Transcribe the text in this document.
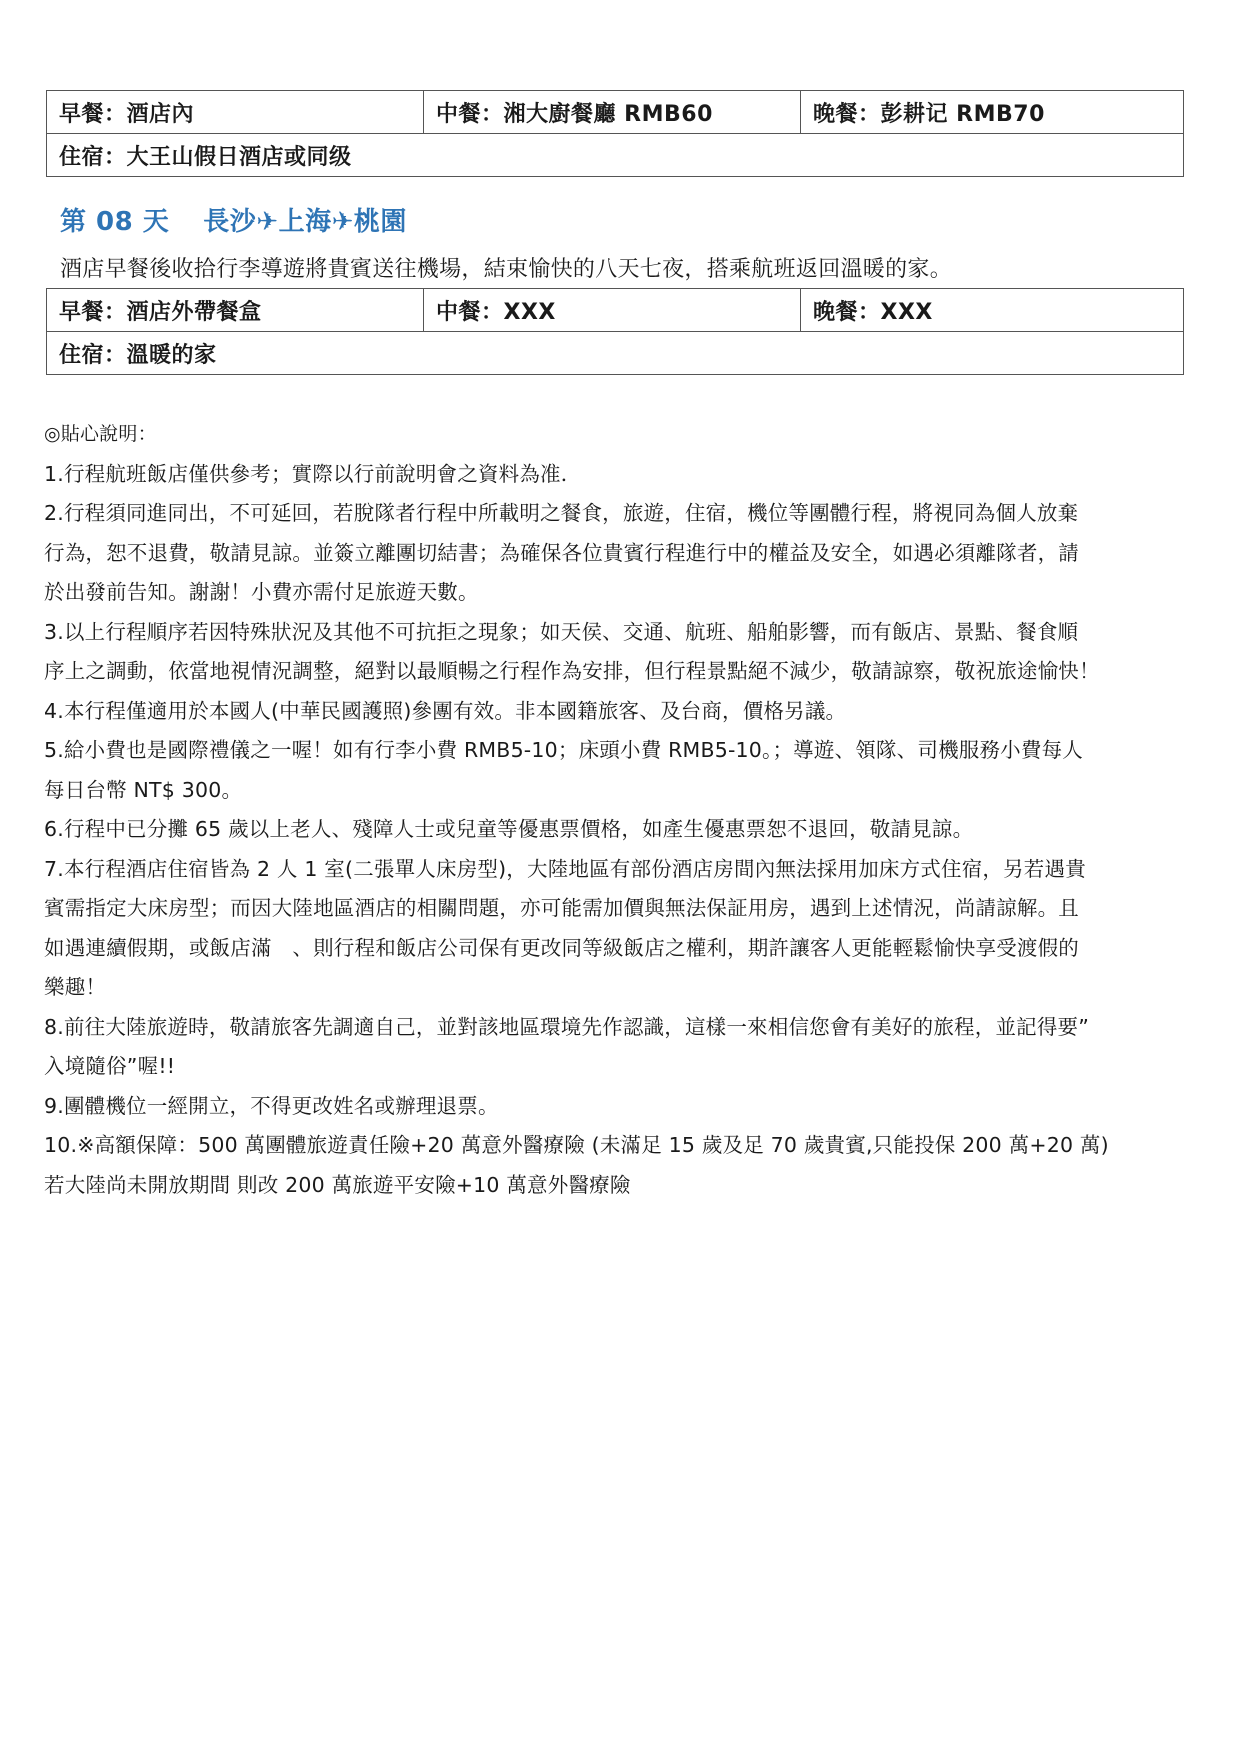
早餐：酒店內	中餐：湘大廚餐廳 RMB60	晚餐：彭耕记 RMB70
住宿：大王山假日酒店或同级
第 08 天 長沙✈上海✈桃園

酒店早餐後收拾行李導遊將貴賓送往機場，結束愉快的八天七夜，搭乘航班返回溫暖的家。

早餐：酒店外帶餐盒	中餐：XXX	晚餐：XXX
住宿：溫暖的家

◎貼心說明：

1.行程航班飯店僅供參考；實際以行前說明會之資料為准．

2.行程須同進同出，不可延回，若脫隊者行程中所載明之餐食，旅遊，住宿，機位等團體行程，將視同為個人放棄

行為，恕不退費，敬請見諒。並簽立離團切結書；為確保各位貴賓行程進行中的權益及安全，如遇必須離隊者，請

於出發前告知。謝謝！小費亦需付足旅遊天數。

3.以上行程順序若因特殊狀況及其他不可抗拒之現象；如天侯、交通、航班、船舶影響，而有飯店、景點、餐食順

序上之調動，依當地視情況調整，絕對以最順暢之行程作為安排，但行程景點絕不減少，敬請諒察，敬祝旅途愉快！

4.本行程僅適用於本國人(中華民國護照)參團有效。非本國籍旅客、及台商，價格另議。

5.給小費也是國際禮儀之一喔！如有行李小費 RMB5-10；床頭小費 RMB5-10。；導遊、領隊、司機服務小費每人

每日台幣 NT$ 300。

6.行程中已分攤 65 歲以上老人、殘障人士或兒童等優惠票價格，如產生優惠票恕不退回，敬請見諒。

7.本行程酒店住宿皆為 2 人 1 室(二張單人床房型)，大陸地區有部份酒店房間內無法採用加床方式住宿，另若遇貴

賓需指定大床房型；而因大陸地區酒店的相關問題，亦可能需加價與無法保証用房，遇到上述情況，尚請諒解。且

如遇連續假期，或飯店滿　、則行程和飯店公司保有更改同等級飯店之權利，期許讓客人更能輕鬆愉快享受渡假的

樂趣！

8.前往大陸旅遊時，敬請旅客先調適自己，並對該地區環境先作認識，這樣一來相信您會有美好的旅程，並記得要”

入境隨俗”喔!!

9.團體機位一經開立，不得更改姓名或辦理退票。

10.※高額保障：500 萬團體旅遊責任險+20 萬意外醫療險 (未滿足 15 歲及足 70 歲貴賓,只能投保 200 萬+20 萬)

若大陸尚未開放期間 則改 200 萬旅遊平安險+10 萬意外醫療險
